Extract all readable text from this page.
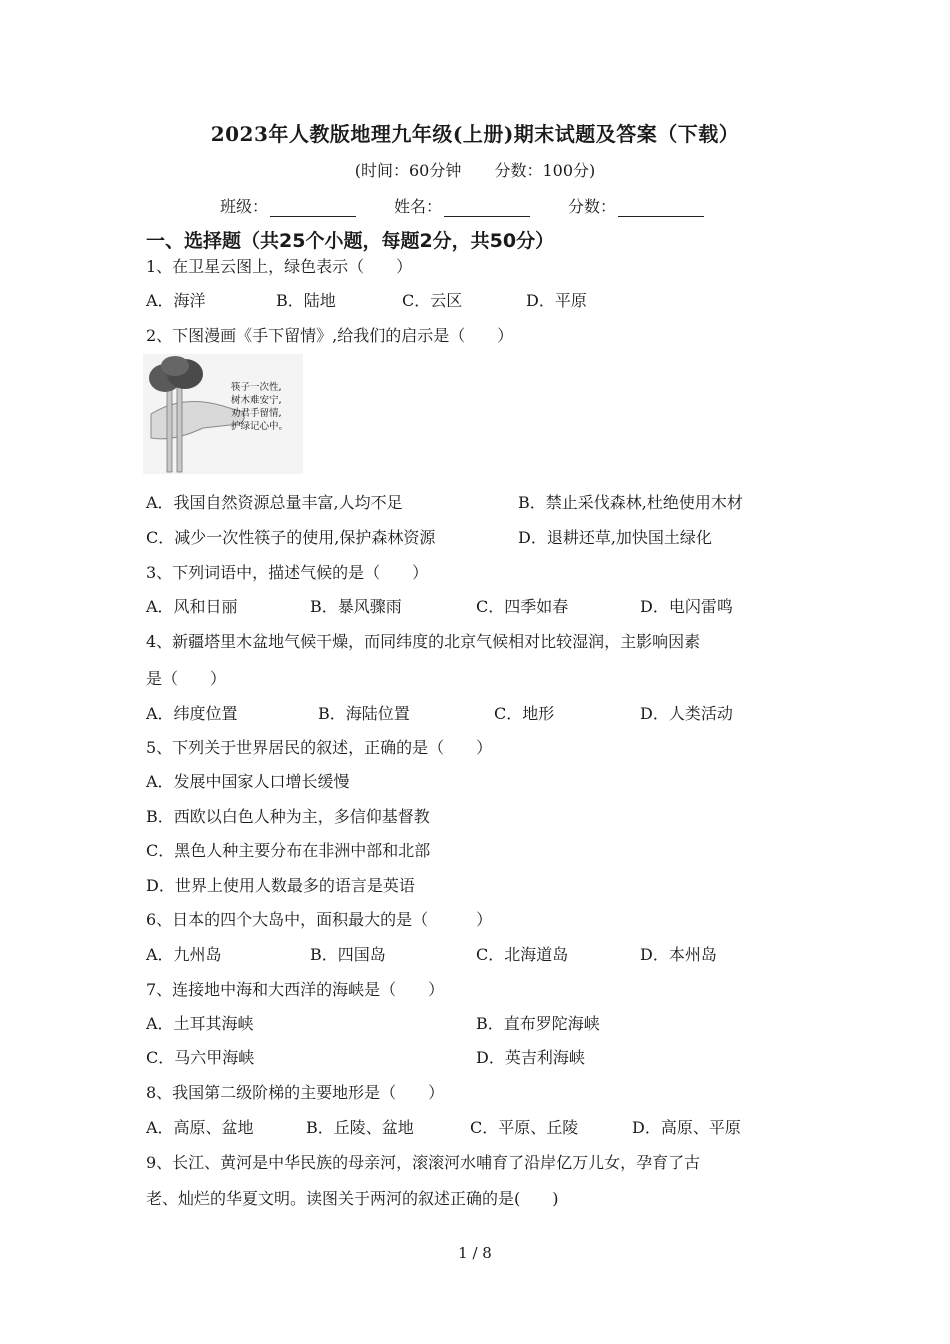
2023年人教版地理九年级(上册)期末试题及答案（下载）
(时间：60分钟 分数：100分)
班级：	姓名：	分数：
一、选择题（共25个小题，每题2分，共50分）
1、在卫星云图上，绿色表示（　　）
A．海洋	B．陆地	C．云区	D．平原
2、下图漫画《手下留情》,给我们的启示是（　　）
筷子一次性,
树木难安宁,
劝君手留情,
护绿记心中。
A．我国自然资源总量丰富,人均不足	B．禁止采伐森林,杜绝使用木材
C．减少一次性筷子的使用,保护森林资源	D．退耕还草,加快国土绿化
3、下列词语中，描述气候的是（　　）
A．风和日丽	B．暴风骤雨	C．四季如春	D．电闪雷鸣
4、新疆塔里木盆地气候干燥，而同纬度的北京气候相对比较湿润，主影响因素
是（　　）
A．纬度位置	B．海陆位置	C．地形	D．人类活动
5、下列关于世界居民的叙述，正确的是（　　）
A．发展中国家人口增长缓慢
B．西欧以白色人种为主，多信仰基督教
C．黑色人种主要分布在非洲中部和北部
D．世界上使用人数最多的语言是英语
6、日本的四个大岛中，面积最大的是（　　　）
A．九州岛	B．四国岛	C．北海道岛	D．本州岛
7、连接地中海和大西洋的海峡是（　　）
A．土耳其海峡	B．直布罗陀海峡
C．马六甲海峡	D．英吉利海峡
8、我国第二级阶梯的主要地形是（　　）
A．高原、盆地	B．丘陵、盆地	C．平原、丘陵	D．高原、平原
9、长江、黄河是中华民族的母亲河，滚滚河水哺育了沿岸亿万儿女，孕育了古
老、灿烂的华夏文明。读图关于两河的叙述正确的是(　　)
1 / 8
